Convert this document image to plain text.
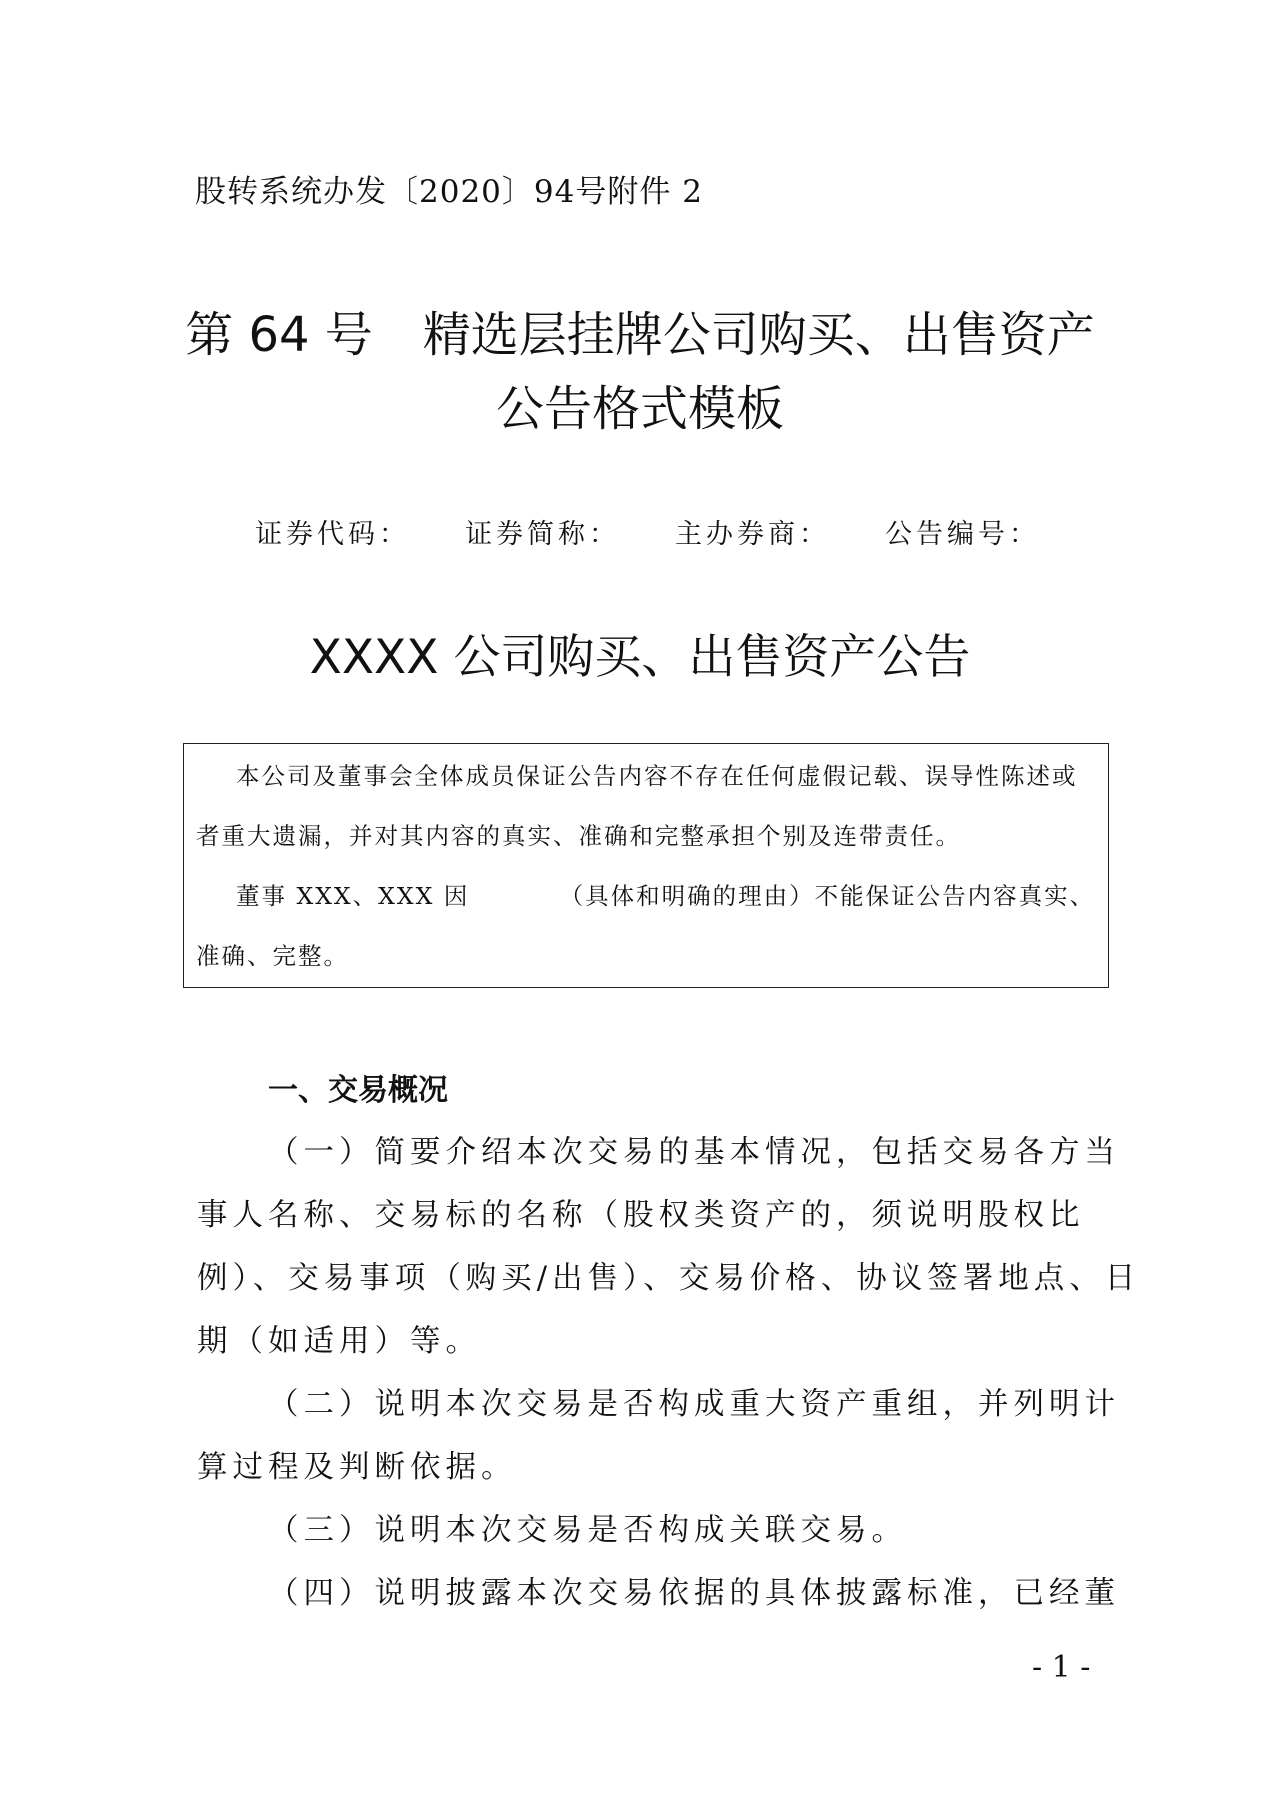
股转系统办发〔2020〕94号附件 2
第 64 号 精选层挂牌公司购买、出售资产
公告格式模板
证券代码： 证券简称： 主办券商： 公告编号：
XXXX 公司购买、出售资产公告
本公司及董事会全体成员保证公告内容不存在任何虚假记载、误导性陈述或
者重大遗漏，并对其内容的真实、准确和完整承担个别及连带责任。
董事 XXX、XXX 因　　　　（具体和明确的理由）不能保证公告内容真实、
准确、完整。
一、交易概况
（一）简要介绍本次交易的基本情况，包括交易各方当
事人名称、交易标的名称（股权类资产的，须说明股权比
例）、交易事项（购买/出售）、交易价格、协议签署地点、日
期（如适用）等。
（二）说明本次交易是否构成重大资产重组，并列明计
算过程及判断依据。
（三）说明本次交易是否构成关联交易。
（四）说明披露本次交易依据的具体披露标准，已经董
- 1 -
